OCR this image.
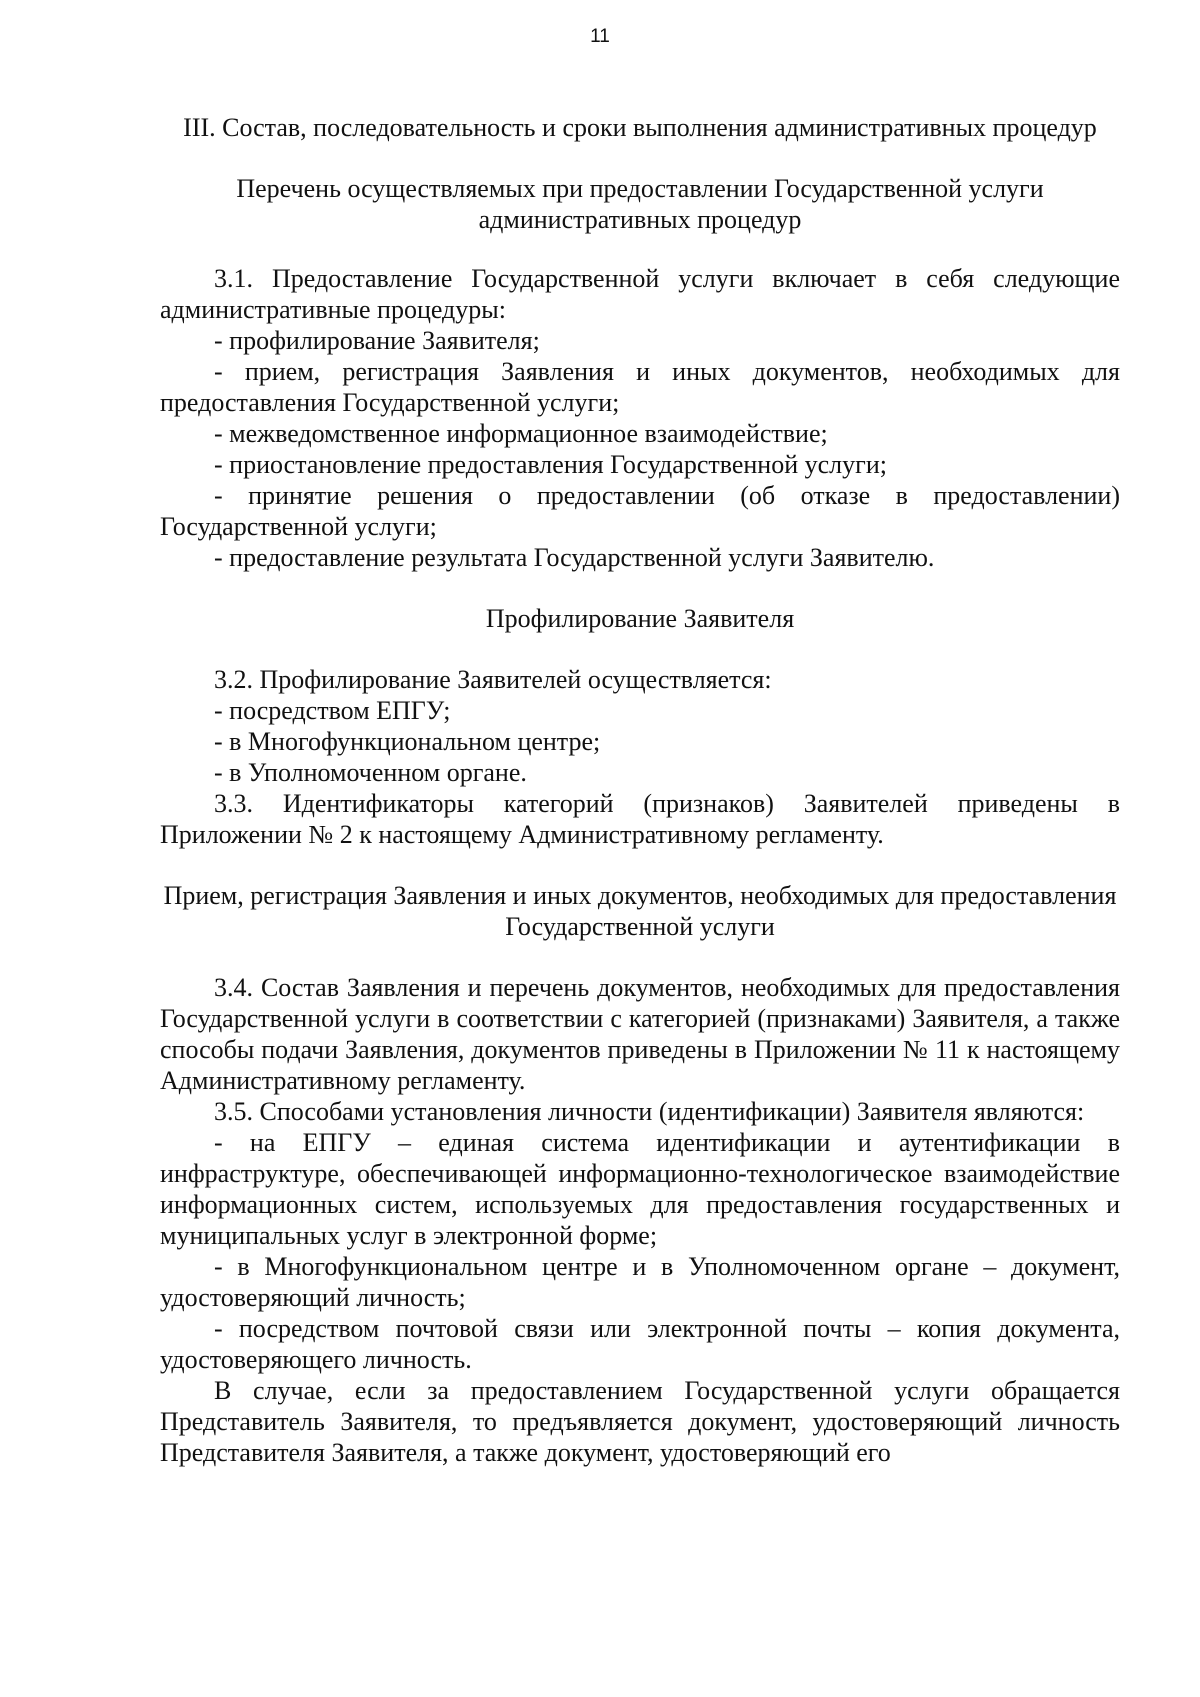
11

III. Состав, последовательность и сроки выполнения административных процедур

Перечень осуществляемых при предоставлении Государственной услуги административных процедур

3.1. Предоставление Государственной услуги включает в себя следующие административные процедуры:

- профилирование Заявителя;

- прием, регистрация Заявления и иных документов, необходимых для предоставления Государственной услуги;

- межведомственное информационное взаимодействие;

- приостановление предоставления Государственной услуги;

- принятие решения о предоставлении (об отказе в предоставлении) Государственной услуги;

- предоставление результата Государственной услуги Заявителю.

Профилирование Заявителя

3.2. Профилирование Заявителей осуществляется:

- посредством ЕПГУ;

- в Многофункциональном центре;

- в Уполномоченном органе.

3.3. Идентификаторы категорий (признаков) Заявителей приведены в Приложении № 2 к настоящему Административному регламенту.

Прием, регистрация Заявления и иных документов, необходимых для предоставления Государственной услуги

3.4. Состав Заявления и перечень документов, необходимых для предоставления Государственной услуги в соответствии с категорией (признаками) Заявителя, а также способы подачи Заявления, документов приведены в Приложении № 11 к настоящему Административному регламенту.

3.5. Способами установления личности (идентификации) Заявителя являются:

- на ЕПГУ – единая система идентификации и аутентификации в инфраструктуре, обеспечивающей информационно-технологическое взаимодействие информационных систем, используемых для предоставления государственных и муниципальных услуг в электронной форме;

- в Многофункциональном центре и в Уполномоченном органе – документ, удостоверяющий личность;

- посредством почтовой связи или электронной почты – копия документа, удостоверяющего личность.

В случае, если за предоставлением Государственной услуги обращается Представитель Заявителя, то предъявляется документ, удостоверяющий личность Представителя Заявителя, а также документ, удостоверяющий его
